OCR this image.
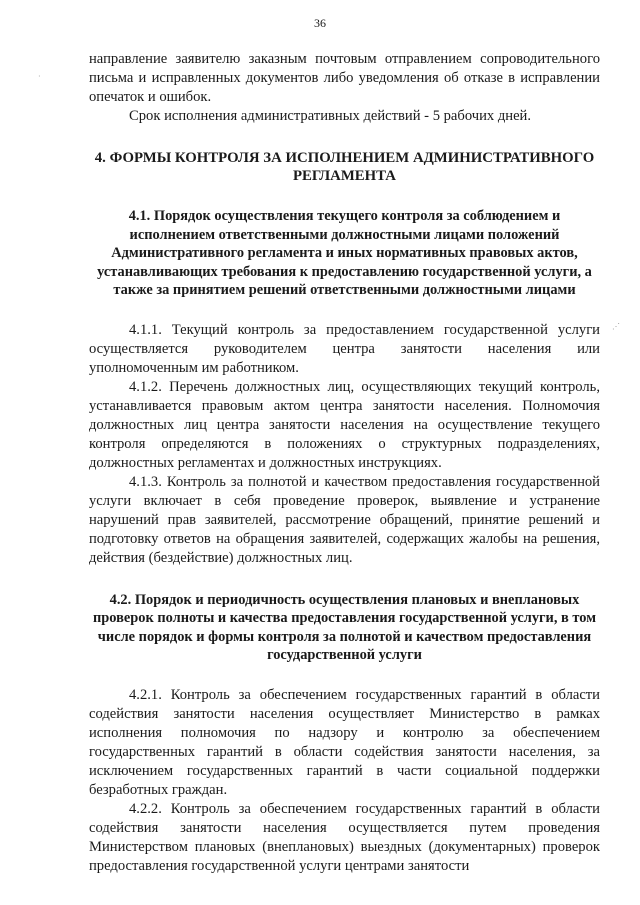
36

направление заявителю заказным почтовым отправлением сопроводительного письма и исправленных документов либо уведомления об отказе в исправлении опечаток и ошибок.

Срок исполнения административных действий - 5 рабочих дней.

4. ФОРМЫ КОНТРОЛЯ ЗА ИСПОЛНЕНИЕМ АДМИНИСТРАТИВНОГО РЕГЛАМЕНТА
4.1. Порядок осуществления текущего контроля за соблюдением и исполнением ответственными должностными лицами положений Административного регламента и иных нормативных правовых актов, устанавливающих требования к предоставлению государственной услуги, а также за принятием решений ответственными должностными лицами

4.1.1. Текущий контроль за предоставлением государственной услуги осуществляется руководителем центра занятости населения или уполномоченным им работником.

4.1.2. Перечень должностных лиц, осуществляющих текущий контроль, устанавливается правовым актом центра занятости населения. Полномочия должностных лиц центра занятости населения на осуществление текущего контроля определяются в положениях о структурных подразделениях, должностных регламентах и должностных инструкциях.

4.1.3. Контроль за полнотой и качеством предоставления государственной услуги включает в себя проведение проверок, выявление и устранение нарушений прав заявителей, рассмотрение обращений, принятие решений и подготовку ответов на обращения заявителей, содержащих жалобы на решения, действия (бездействие) должностных лиц.

4.2. Порядок и периодичность осуществления плановых и внеплановых проверок полноты и качества предоставления государственной услуги, в том числе порядок и формы контроля за полнотой и качеством предоставления государственной услуги

4.2.1. Контроль за обеспечением государственных гарантий в области содействия занятости населения осуществляет Министерство в рамках исполнения полномочия по надзору и контролю за обеспечением государственных гарантий в области содействия занятости населения, за исключением государственных гарантий в части социальной поддержки безработных граждан.

4.2.2. Контроль за обеспечением государственных гарантий в области содействия занятости населения осуществляется путем проведения Министерством плановых (внеплановых) выездных (документарных) проверок предоставления государственной услуги центрами занятости

·
⋰
